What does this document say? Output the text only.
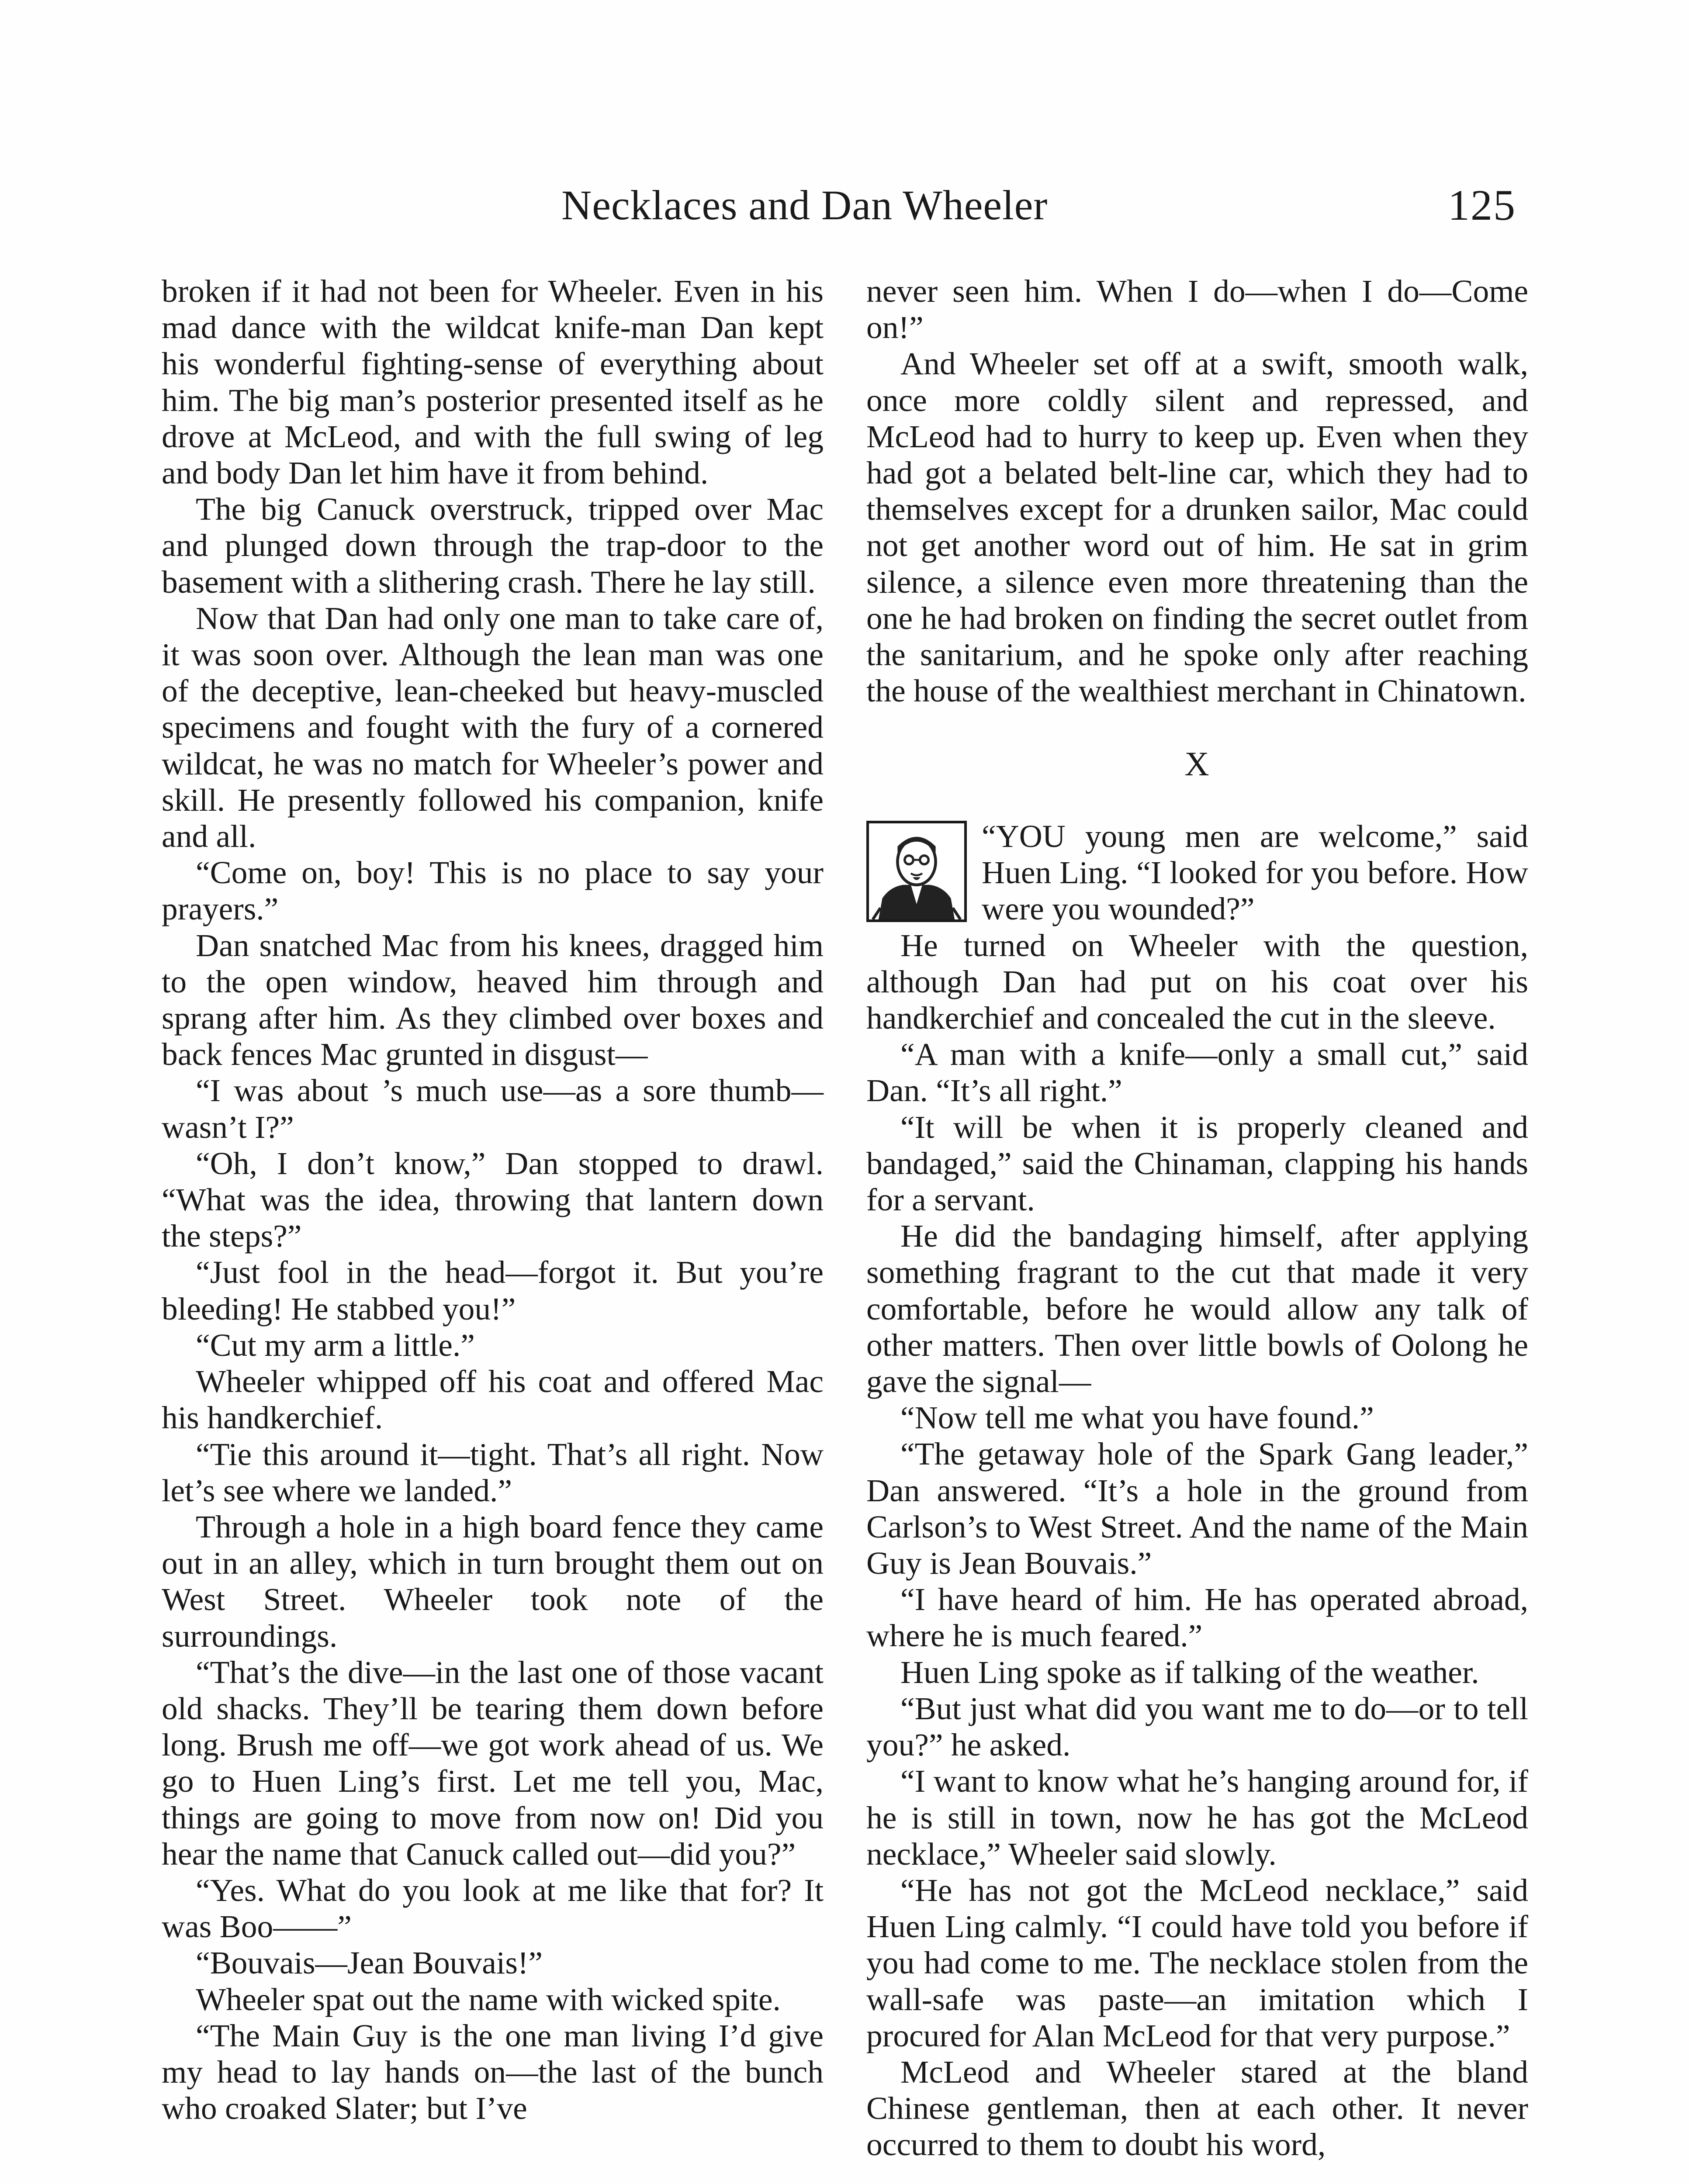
Necklaces and Dan Wheeler	125

broken if it had not been for Wheeler. Even in his mad dance with the wildcat knife-man Dan kept his wonderful fighting-sense of everything about him. The big man’s posterior presented itself as he drove at McLeod, and with the full swing of leg and body Dan let him have it from behind.

The big Canuck overstruck, tripped over Mac and plunged down through the trap-door to the basement with a slithering crash. There he lay still.

Now that Dan had only one man to take care of, it was soon over. Although the lean man was one of the deceptive, lean-cheeked but heavy-muscled specimens and fought with the fury of a cornered wildcat, he was no match for Wheeler’s power and skill. He presently followed his companion, knife and all.

“Come on, boy! This is no place to say your prayers.”

Dan snatched Mac from his knees, dragged him to the open window, heaved him through and sprang after him. As they climbed over boxes and back fences Mac grunted in disgust—

“I was about ’s much use—as a sore thumb—wasn’t I?”

“Oh, I don’t know,” Dan stopped to drawl. “What was the idea, throwing that lantern down the steps?”

“Just fool in the head—forgot it. But you’re bleeding! He stabbed you!”

“Cut my arm a little.”

Wheeler whipped off his coat and offered Mac his handkerchief.

“Tie this around it—tight. That’s all right. Now let’s see where we landed.”

Through a hole in a high board fence they came out in an alley, which in turn brought them out on West Street. Wheeler took note of the surroundings.

“That’s the dive—in the last one of those vacant old shacks. They’ll be tearing them down before long. Brush me off—we got work ahead of us. We go to Huen Ling’s first. Let me tell you, Mac, things are going to move from now on! Did you hear the name that Canuck called out—did you?”

“Yes. What do you look at me like that for? It was Boo——”

“Bouvais—Jean Bouvais!”

Wheeler spat out the name with wicked spite.

“The Main Guy is the one man living I’d give my head to lay hands on—the last of the bunch who croaked Slater; but I’ve

never seen him. When I do—when I do—Come on!”

And Wheeler set off at a swift, smooth walk, once more coldly silent and repressed, and McLeod had to hurry to keep up. Even when they had got a belated belt-line car, which they had to themselves except for a drunken sailor, Mac could not get another word out of him. He sat in grim silence, a silence even more threatening than the one he had broken on finding the secret outlet from the sanitarium, and he spoke only after reaching the house of the wealthiest merchant in Chinatown.

X

“YOU young men are welcome,” said Huen Ling. “I looked for you before. How were you wounded?”

He turned on Wheeler with the question, although Dan had put on his coat over his handkerchief and concealed the cut in the sleeve.

“A man with a knife—only a small cut,” said Dan. “It’s all right.”

“It will be when it is properly cleaned and bandaged,” said the Chinaman, clapping his hands for a servant.

He did the bandaging himself, after applying something fragrant to the cut that made it very comfortable, before he would allow any talk of other matters. Then over little bowls of Oolong he gave the signal—

“Now tell me what you have found.”

“The getaway hole of the Spark Gang leader,” Dan answered. “It’s a hole in the ground from Carlson’s to West Street. And the name of the Main Guy is Jean Bouvais.”

“I have heard of him. He has operated abroad, where he is much feared.”

Huen Ling spoke as if talking of the weather.

“But just what did you want me to do—or to tell you?” he asked.

“I want to know what he’s hanging around for, if he is still in town, now he has got the McLeod necklace,” Wheeler said slowly.

“He has not got the McLeod necklace,” said Huen Ling calmly. “I could have told you before if you had come to me. The necklace stolen from the wall-safe was paste—an imitation which I procured for Alan McLeod for that very purpose.”

McLeod and Wheeler stared at the bland Chinese gentleman, then at each other. It never occurred to them to doubt his word,
